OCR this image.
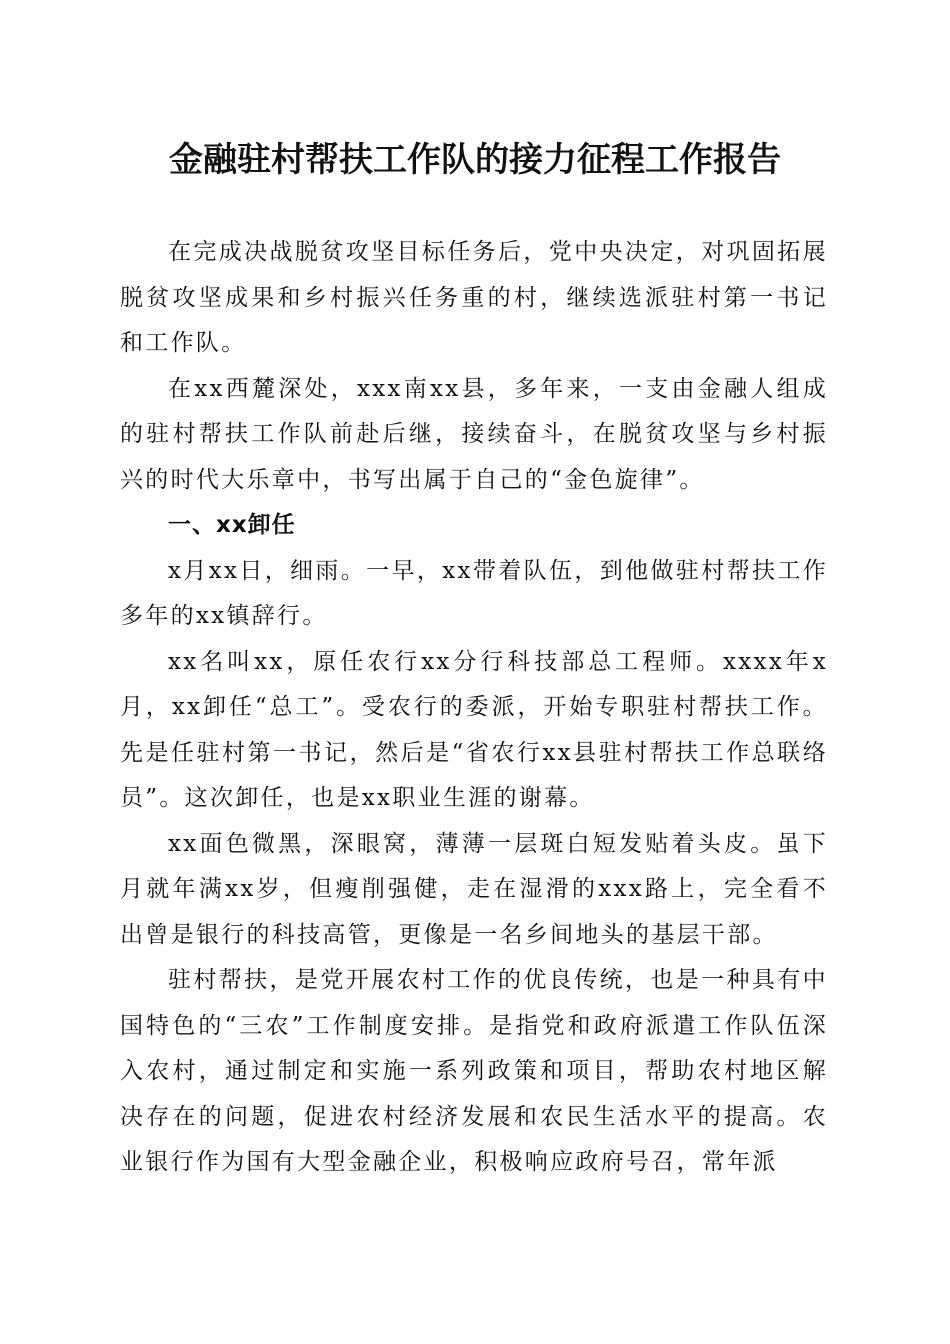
金融驻村帮扶工作队的接力征程工作报告

在完成决战脱贫攻坚目标任务后，党中央决定，对巩固拓展脱贫攻坚成果和乡村振兴任务重的村，继续选派驻村第一书记和工作队。

在xx西麓深处，xxx南xx县，多年来，一支由金融人组成的驻村帮扶工作队前赴后继，接续奋斗，在脱贫攻坚与乡村振兴的时代大乐章中，书写出属于自己的“金色旋律”。

一、xx卸任

x月xx日，细雨。一早，xx带着队伍，到他做驻村帮扶工作多年的xx镇辞行。

xx名叫xx，原任农行xx分行科技部总工程师。xxxx年x月，xx卸任“总工”。受农行的委派，开始专职驻村帮扶工作。先是任驻村第一书记，然后是“省农行xx县驻村帮扶工作总联络员”。这次卸任，也是xx职业生涯的谢幕。

xx面色微黑，深眼窝，薄薄一层斑白短发贴着头皮。虽下月就年满xx岁，但瘦削强健，走在湿滑的xxx路上，完全看不出曾是银行的科技高管，更像是一名乡间地头的基层干部。

驻村帮扶，是党开展农村工作的优良传统，也是一种具有中国特色的“三农”工作制度安排。是指党和政府派遣工作队伍深入农村，通过制定和实施一系列政策和项目，帮助农村地区解决存在的问题，促进农村经济发展和农民生活水平的提高。农业银行作为国有大型金融企业，积极响应政府号召，常年派
